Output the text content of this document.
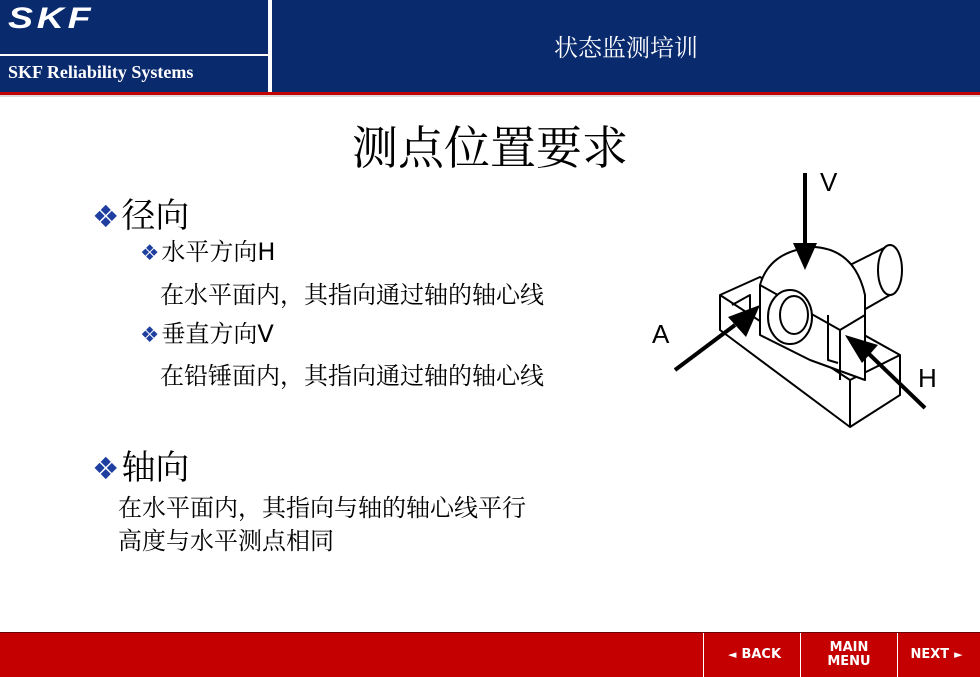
SKF
SKF Reliability Systems
状态监测培训
测点位置要求
❖径向
❖水平方向H
在水平面内，其指向通过轴的轴心线
❖垂直方向V
在铅锤面内，其指向通过轴的轴心线
❖轴向
在水平面内，其指向与轴的轴心线平行
高度与水平测点相同
V
A
H
◄ BACK	MAIN
MENU	NEXT ►
